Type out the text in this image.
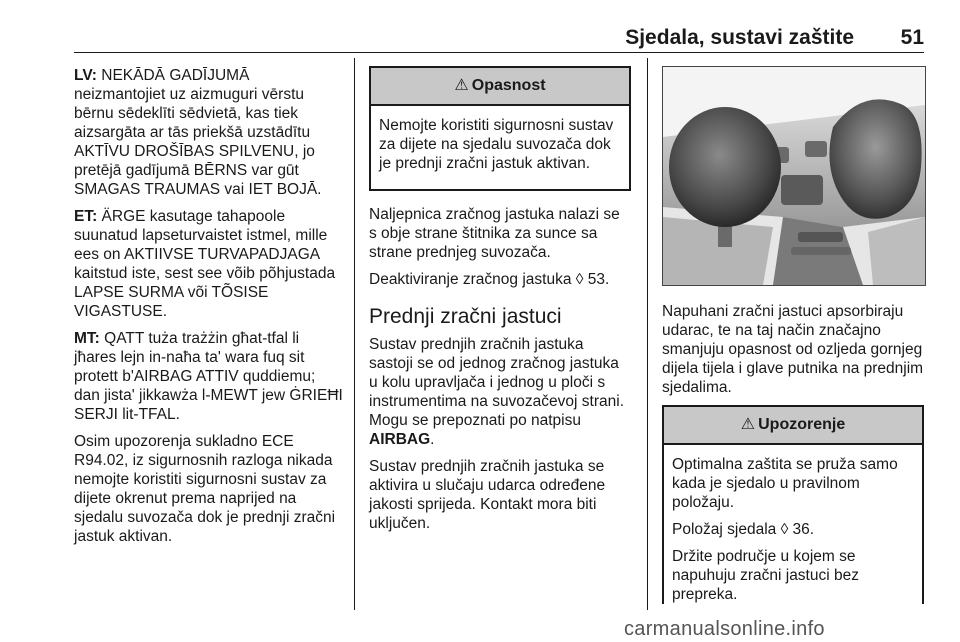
Sjedala, sustavi zaštite 51

LV: NEKĀDĀ GADĪJUMĀ neizmantojiet uz aizmuguri vērstu bērnu sēdeklīti sēdvietā, kas tiek aizsargāta ar tās priekšā uzstādītu AKTĪVU DROŠĪBAS SPILVENU, jo pretējā gadījumā BĒRNS var gūt SMAGAS TRAUMAS vai IET BOJĀ.

ET: ÄRGE kasutage tahapoole suunatud lapseturvaistet istmel, mille ees on AKTIIVSE TURVAPADJAGA kaitstud iste, sest see võib põhjustada LAPSE SURMA või TÕSISE VIGASTUSE.

MT: QATT tuża trażżin għat-tfal li jħares lejn in-naħa ta' wara fuq sit protett b'AIRBAG ATTIV quddiemu; dan jista' jikkawża l-MEWT jew ĠRIEĦI SERJI lit-TFAL.

Osim upozorenja sukladno ECE R94.02, iz sigurnosnih razloga nikada nemojte koristiti sigurnosni sustav za dijete okrenut prema naprijed na sjedalu suvozača dok je prednji zračni jastuk aktivan.

⚠ Opasnost

Nemojte koristiti sigurnosni sustav za dijete na sjedalu suvozača dok je prednji zračni jastuk aktivan.

Naljepnica zračnog jastuka nalazi se s obje strane štitnika za sunce sa strane prednjeg suvozača.

Deaktiviranje zračnog jastuka ◊ 53.

Prednji zračni jastuci

Sustav prednjih zračnih jastuka sastoji se od jednog zračnog jastuka u kolu upravljača i jednog u ploči s instrumentima na suvozačevoj strani. Mogu se prepoznati po natpisu AIRBAG.

Sustav prednjih zračnih jastuka se aktivira u slučaju udarca određene jakosti sprijeda. Kontakt mora biti uključen.

Napuhani zračni jastuci apsorbiraju udarac, te na taj način značajno smanjuju opasnost od ozljeda gornjeg dijela tijela i glave putnika na prednjim sjedalima.

⚠ Upozorenje

Optimalna zaštita se pruža samo kada je sjedalo u pravilnom položaju.

Položaj sjedala ◊ 36.

Držite područje u kojem se napuhuju zračni jastuci bez prepreka.

carmanualsonline.info
